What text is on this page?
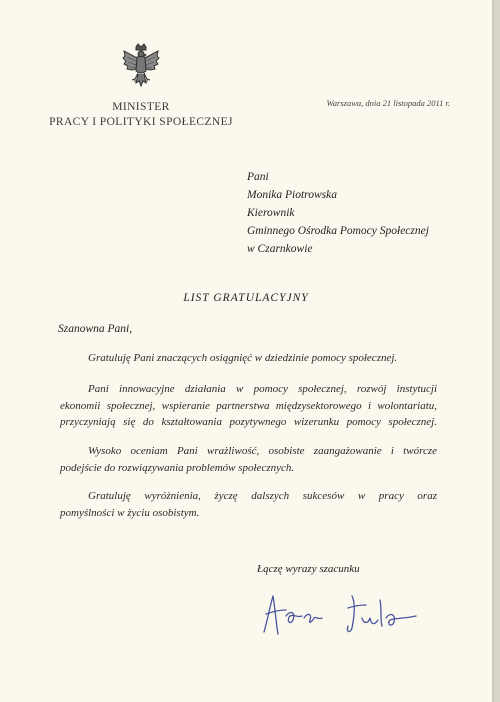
MINISTER
PRACY I POLITYKI SPOŁECZNEJ
Warszawa, dnia 21 listopada 2011 r.
Pani
Monika Piotrowska
Kierownik
Gminnego Ośrodka Pomocy Społecznej
w Czarnkowie
LIST GRATULACYJNY
Szanowna Pani,
Gratuluję Pani znaczących osiągnięć w dziedzinie pomocy społecznej.
Pani innowacyjne działania w pomocy społecznej, rozwój instytucji
ekonomii społecznej, wspieranie partnerstwa międzysektorowego i wolontariatu,
przyczyniają się do kształtowania pozytywnego wizerunku pomocy społecznej.
Wysoko oceniam Pani wrażliwość, osobiste zaangażowanie i twórcze
podejście do rozwiązywania problemów społecznych.
Gratuluję wyróżnienia, życzę dalszych sukcesów w pracy oraz
pomyślności w życiu osobistym.
Łączę wyrazy szacunku
